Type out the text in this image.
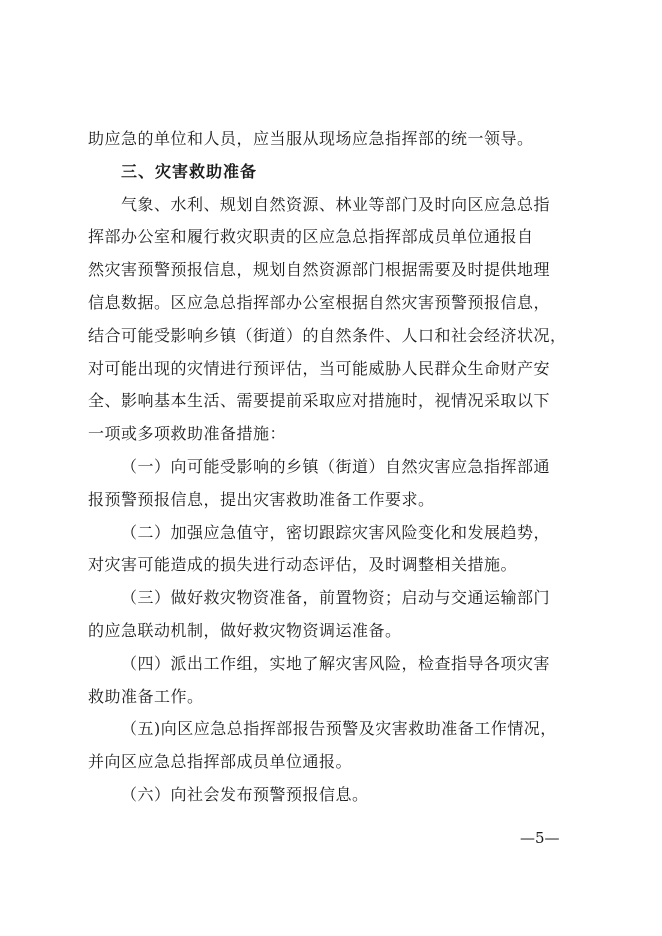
助应急的单位和人员，应当服从现场应急指挥部的统一领导。
三、灾害救助准备
气象、水利、规划自然资源、林业等部门及时向区应急总指
挥部办公室和履行救灾职责的区应急总指挥部成员单位通报自
然灾害预警预报信息，规划自然资源部门根据需要及时提供地理
信息数据。区应急总指挥部办公室根据自然灾害预警预报信息，
结合可能受影响乡镇（街道）的自然条件、人口和社会经济状况，
对可能出现的灾情进行预评估，当可能威胁人民群众生命财产安
全、影响基本生活、需要提前采取应对措施时，视情况采取以下
一项或多项救助准备措施：
（一）向可能受影响的乡镇（街道）自然灾害应急指挥部通
报预警预报信息，提出灾害救助准备工作要求。
（二）加强应急值守，密切跟踪灾害风险变化和发展趋势，
对灾害可能造成的损失进行动态评估，及时调整相关措施。
（三）做好救灾物资准备，前置物资；启动与交通运输部门
的应急联动机制，做好救灾物资调运准备。
（四）派出工作组，实地了解灾害风险，检查指导各项灾害
救助准备工作。
（五)向区应急总指挥部报告预警及灾害救助准备工作情况，
并向区应急总指挥部成员单位通报。
（六）向社会发布预警预报信息。
—5—
